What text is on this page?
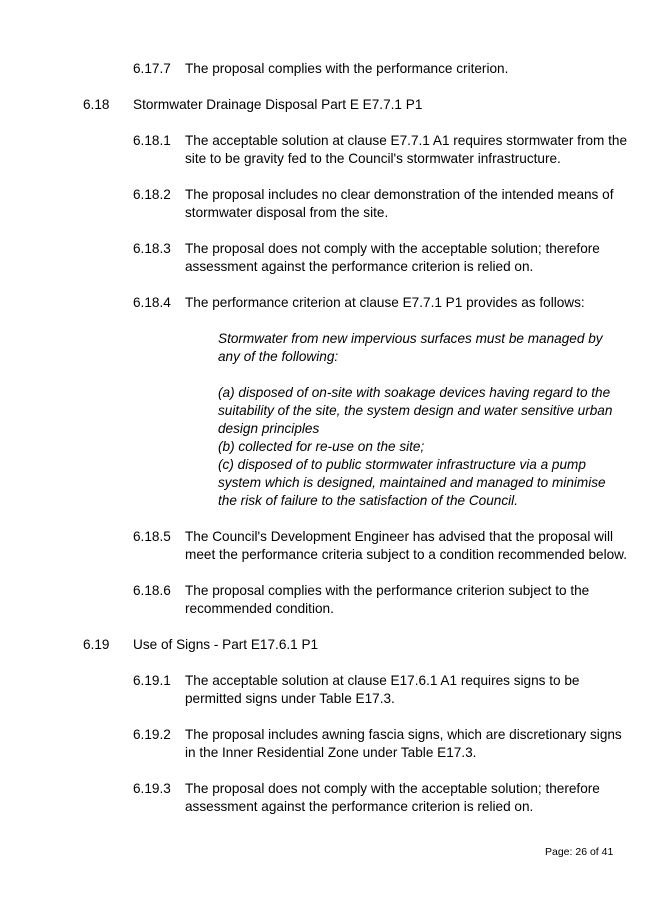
6.17.7 The proposal complies with the performance criterion.
6.18 Stormwater Drainage Disposal Part E E7.7.1 P1
6.18.1 The acceptable solution at clause E7.7.1 A1 requires stormwater from the
site to be gravity fed to the Council's stormwater infrastructure.
6.18.2 The proposal includes no clear demonstration of the intended means of
stormwater disposal from the site.
6.18.3 The proposal does not comply with the acceptable solution; therefore
assessment against the performance criterion is relied on.
6.18.4 The performance criterion at clause E7.7.1 P1 provides as follows:
Stormwater from new impervious surfaces must be managed by
any of the following:
(a) disposed of on-site with soakage devices having regard to the
suitability of the site, the system design and water sensitive urban
design principles
(b) collected for re-use on the site;
(c) disposed of to public stormwater infrastructure via a pump
system which is designed, maintained and managed to minimise
the risk of failure to the satisfaction of the Council.
6.18.5 The Council's Development Engineer has advised that the proposal will
meet the performance criteria subject to a condition recommended below.
6.18.6 The proposal complies with the performance criterion subject to the
recommended condition.
6.19 Use of Signs - Part E17.6.1 P1
6.19.1 The acceptable solution at clause E17.6.1 A1 requires signs to be
permitted signs under Table E17.3.
6.19.2 The proposal includes awning fascia signs, which are discretionary signs
in the Inner Residential Zone under Table E17.3.
6.19.3 The proposal does not comply with the acceptable solution; therefore
assessment against the performance criterion is relied on.
Page: 26 of 41
